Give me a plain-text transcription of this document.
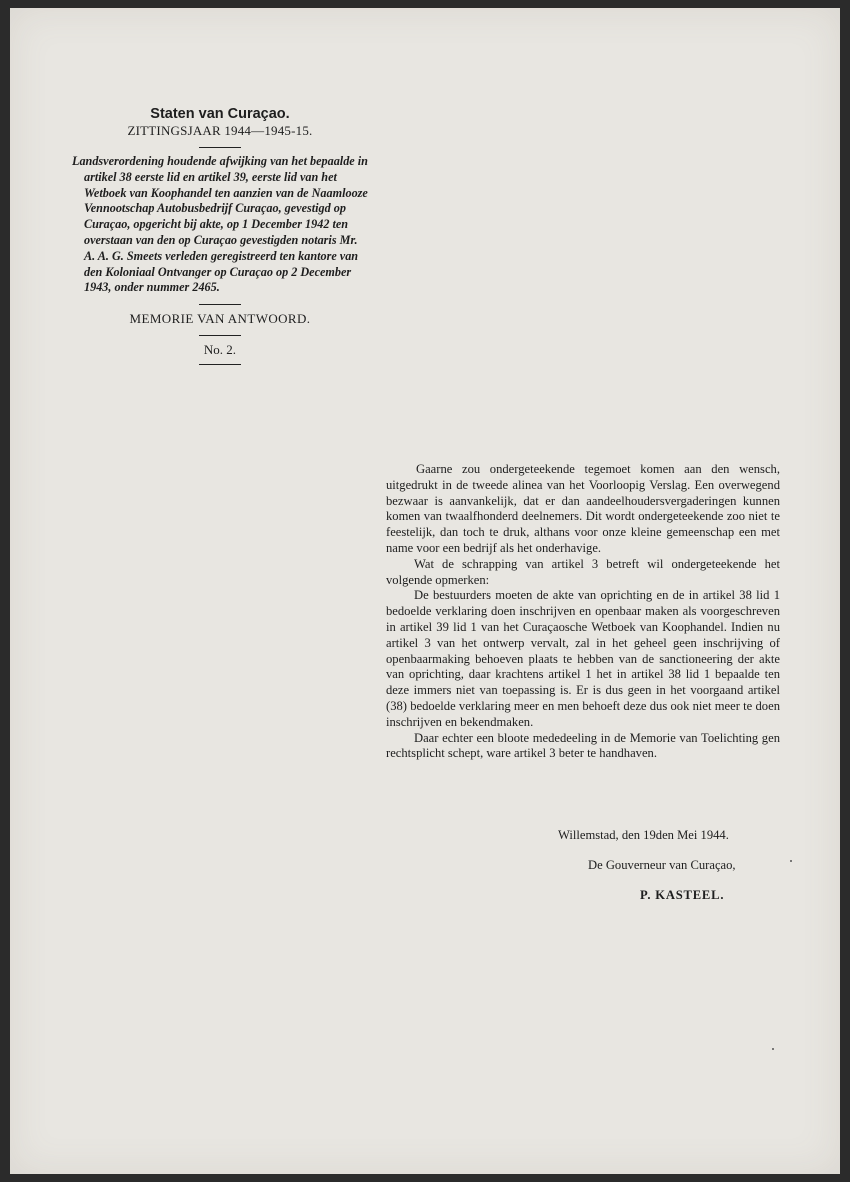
Staten van Curaçao.

ZITTINGSJAAR 1944—1945-15.

Landsverordening houdende afwijking van het bepaalde in artikel 38 eerste lid en artikel 39, eerste lid van het Wetboek van Koophandel ten aanzien van de Naamlooze Vennootschap Autobusbedrijf Curaçao, gevestigd op Curaçao, opgericht bij akte, op 1 December 1942 ten overstaan van den op Curaçao gevestigden notaris Mr. A. A. G. Smeets verleden geregistreerd ten kantore van den Koloniaal Ontvanger op Curaçao op 2 December 1943, onder nummer 2465.

MEMORIE VAN ANTWOORD.

No. 2.

Gaarne zou ondergeteekende tegemoet komen aan den wensch, uitgedrukt in de tweede alinea van het Voorloopig Verslag. Een overwegend bezwaar is aanvankelijk, dat er dan aandeelhoudersvergaderingen kunnen komen van twaalfhonderd deelnemers. Dit wordt ondergeteekende zoo niet te feestelijk, dan toch te druk, althans voor onze kleine gemeenschap een met name voor een bedrijf als het onderhavige.

Wat de schrapping van artikel 3 betreft wil ondergeteekende het volgende opmerken:

De bestuurders moeten de akte van oprichting en de in artikel 38 lid 1 bedoelde verklaring doen inschrijven en openbaar maken als voorgeschreven in artikel 39 lid 1 van het Curaçaosche Wetboek van Koophandel. Indien nu artikel 3 van het ontwerp vervalt, zal in het geheel geen inschrijving of openbaarmaking behoeven plaats te hebben van de sanctioneering der akte van oprichting, daar krachtens artikel 1 het in artikel 38 lid 1 bepaalde ten deze immers niet van toepassing is. Er is dus geen in het voorgaand artikel (38) bedoelde verklaring meer en men behoeft deze dus ook niet meer te doen inschrijven en bekendmaken.

Daar echter een bloote mededeeling in de Memorie van Toelichting gen rechtsplicht schept, ware artikel 3 beter te handhaven.

Willemstad, den 19den Mei 1944.
De Gouverneur van Curaçao,
P. KASTEEL.
